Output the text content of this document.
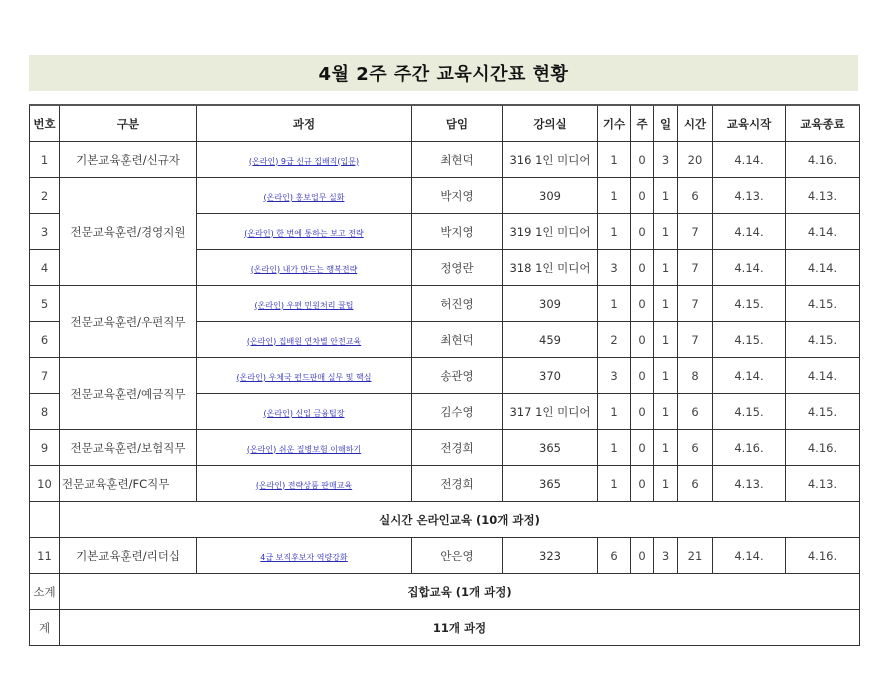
4월 2주 주간 교육시간표 현황
번호	구분	과정	담임	강의실	기수	주	일	시간	교육시작	교육종료
1	기본교육훈련/신규자	(온라인) 9급 신규 집배직(입문)	최현덕	316 1인 미디어	1	0	3	20	4.14.	4.16.
2	전문교육훈련/경영지원	(온라인) 홍보업무 실화	박지영	309	1	0	1	6	4.13.	4.13.
3		(온라인) 한 번에 통하는 보고 전략	박지영	319 1인 미디어	1	0	1	7	4.14.	4.14.
4		(온라인) 내가 만드는 행복전략	정영란	318 1인 미디어	3	0	1	7	4.14.	4.14.
5	전문교육훈련/우편직무	(온라인) 우편 민원처리 꿀팁	허진영	309	1	0	1	7	4.15.	4.15.
6		(온라인) 집배원 연차별 안전교육	최현덕	459	2	0	1	7	4.15.	4.15.
7	전문교육훈련/예금직무	(온라인) 우체국 펀드판매 실무 및 핵심	송관영	370	3	0	1	8	4.14.	4.14.
8		(온라인) 신입 금융팁장	김수영	317 1인 미디어	1	0	1	6	4.15.	4.15.
9	전문교육훈련/보험직무	(온라인) 쉬운 질병보험 이해하기	전경희	365	1	0	1	6	4.16.	4.16.
10	전문교육훈련/FC직무	(온라인) 전략상품 판매교육	전경희	365	1	0	1	6	4.13.	4.13.
	실시간 온라인교육 (10개 과정)									
11	기본교육훈련/리더십	4급 보직후보자 역량강화	안은영	323	6	0	3	21	4.14.	4.16.
소계	집합교육 (1개 과정)									
계	11개 과정									
